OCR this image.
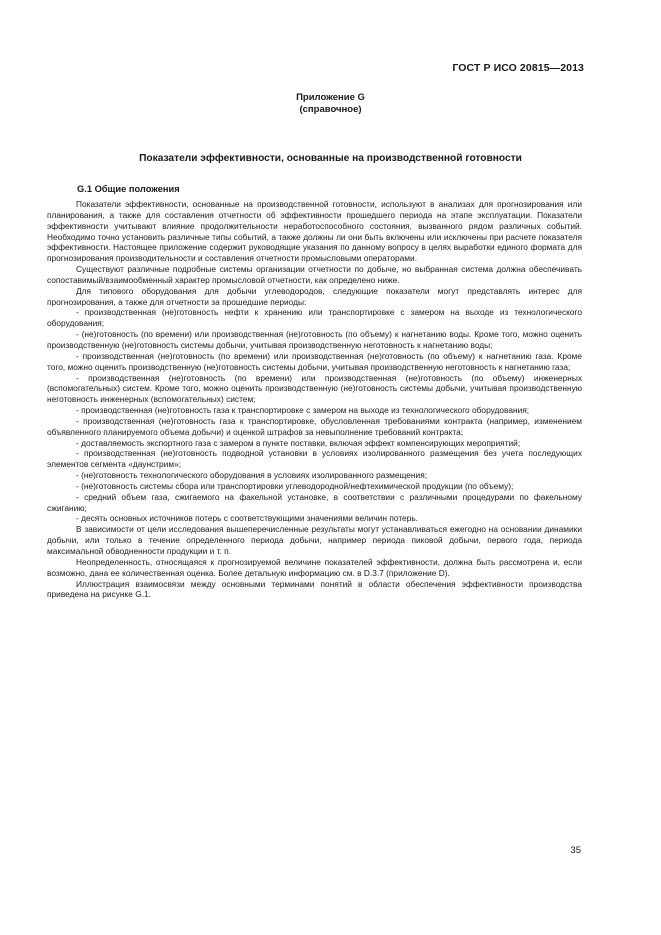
ГОСТ Р ИСО 20815—2013
Приложение G
(справочное)
Показатели эффективности, основанные на производственной готовности
G.1 Общие положения

Показатели эффективности, основанные на производственной готовности, используют в анализах для прогнозирования или планирования, а также для составления отчетности об эффективности прошедшего периода на этапе эксплуатации. Показатели эффективности учитывают влияние продолжительности неработоспособного состояния, вызванного рядом различных событий. Необходимо точно установить различные типы событий, а также должны ли они быть включены или исключены при расчете показателя эффективности. Настоящее приложение содержит руководящие указания по данному вопросу в целях выработки единого формата для прогнозирования производительности и составления отчетности промысловыми операторами.

Существуют различные подробные системы организации отчетности по добыче, но выбранная система должна обеспечивать сопоставимый/взаимообменный характер промысловой отчетности, как определено ниже.

Для типового оборудования для добычи углеводородов, следующие показатели могут представлять интерес для прогнозирования, а также для отчетности за прошедшие периоды:

- производственная (не)готовность нефти к хранению или транспортировке с замером на выходе из технологического оборудования;

- (не)готовность (по времени) или производственная (не)готовность (по объему) к нагнетанию воды. Кроме того, можно оценить производственную (не)готовность системы добычи, учитывая производственную неготовность к нагнетанию воды;

- производственная (не)готовность (по времени) или производственная (не)готовность (по объему) к нагнетанию газа. Кроме того, можно оценить производственную (не)готовность системы добычи, учитывая производственную неготовность к нагнетанию газа;

- производственная (не)готовность (по времени) или производственная (не)готовность (по объему) инженерных (вспомогательных) систем. Кроме того, можно оценить производственную (не)готовность системы добычи, учитывая производственную неготовность инженерных (вспомогательных) систем;

- производственная (не)готовность газа к транспортировке с замером на выходе из технологического оборудования;

- производственная (не)готовность газа к транспортировке, обусловленная требованиями контракта (например, изменением объявленного планируемого объема добычи) и оценкой штрафов за невыполнение требований контракта;

- доставляемость экспортного газа с замером в пункте поставки, включая эффект компенсирующих мероприятий;

- производственная (не)готовность подводной установки в условиях изолированного размещения без учета последующих элементов сегмента «даунстрим»;

- (не)готовность технологического оборудования в условиях изолированного размещения;

- (не)готовность системы сбора или транспортировки углеводородной/нефтехимической продукции (по объему);

- средний объем газа, сжигаемого на факельной установке, в соответствии с различными процедурами по факельному сжиганию;

- десять основных источников потерь с соответствующими значениями величин потерь.

В зависимости от цели исследования вышеперечисленные результаты могут устанавливаться ежегодно на основании динамики добычи, или только в течение определенного периода добычи, например периода пиковой добычи, первого года, периода максимальной обводненности продукции и т. п.

Неопределенность, относящаяся к прогнозируемой величине показателей эффективности, должна быть рассмотрена и, если возможно, дана ее количественная оценка. Более детальную информацию см. в D.3.7 (приложение D).

Иллюстрация взаимосвязи между основными терминами понятий в области обеспечения эффективности производства приведена на рисунке G.1.

35
